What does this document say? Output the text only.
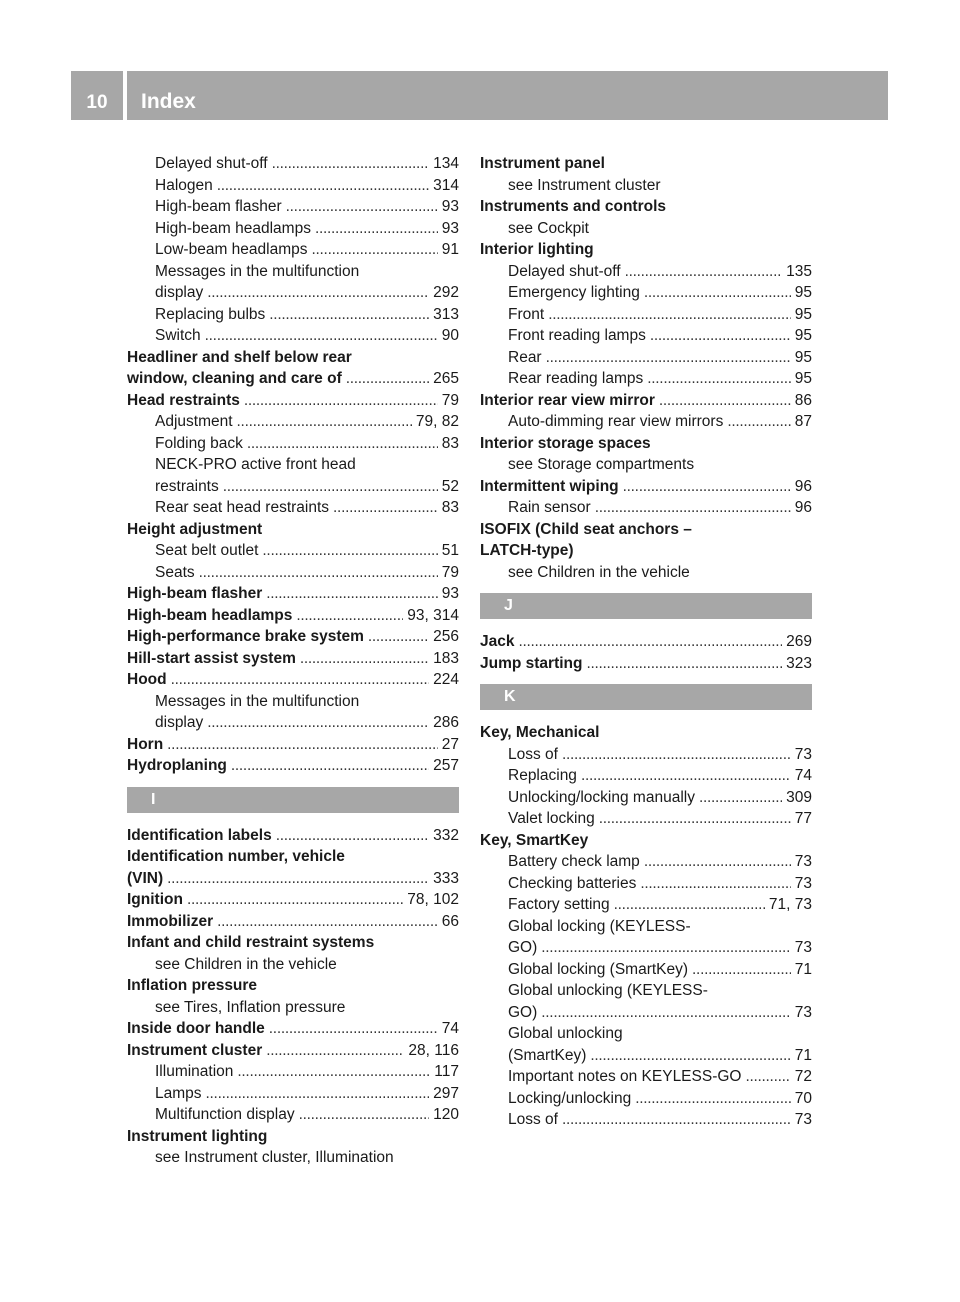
10	Index
Delayed shut-off . . .	134
Halogen . . .	314
High-beam flasher . . .	93
High-beam headlamps . . .	93
Low-beam headlamps . . .	91
Messages in the multifunction
display . . .	292
Replacing bulbs . . .	313
Switch . . .	90
Headliner and shelf below rear
window, cleaning and care of . . .	265
Head restraints . . .	79
Adjustment . . .	79, 82
Folding back . . .	83
NECK-PRO active front head
restraints . . .	52
Rear seat head restraints . . .	83
Height adjustment
Seat belt outlet . . .	51
Seats . . .	79
High-beam flasher . . .	93
High-beam headlamps . . .	93, 314
High-performance brake system . . .	256
Hill-start assist system . . .	183
Hood . . .	224
Messages in the multifunction
display . . .	286
Horn . . .	27
Hydroplaning . . .	257
I
Identification labels . . .	332
Identification number, vehicle
(VIN) . . .	333
Ignition . . .	78, 102
Immobilizer . . .	66
Infant and child restraint systems
see Children in the vehicle
Inflation pressure
see Tires, Inflation pressure
Inside door handle . . .	74
Instrument cluster . . .	28, 116
Illumination . . .	117
Lamps . . .	297
Multifunction display . . .	120
Instrument lighting
see Instrument cluster, Illumination
Instrument panel
see Instrument cluster
Instruments and controls
see Cockpit
Interior lighting
Delayed shut-off . . .	135
Emergency lighting . . .	95
Front . . .	95
Front reading lamps . . .	95
Rear . . .	95
Rear reading lamps . . .	95
Interior rear view mirror . . .	86
Auto-dimming rear view mirrors . . .	87
Interior storage spaces
see Storage compartments
Intermittent wiping . . .	96
Rain sensor . . .	96
ISOFIX (Child seat anchors –
LATCH-type)
see Children in the vehicle
J
Jack . . .	269
Jump starting . . .	323
K
Key, Mechanical
Loss of . . .	73
Replacing . . .	74
Unlocking/locking manually . . .	309
Valet locking . . .	77
Key, SmartKey
Battery check lamp . . .	73
Checking batteries . . .	73
Factory setting . . .	71, 73
Global locking (KEYLESS-
GO) . . .	73
Global locking (SmartKey) . . .	71
Global unlocking (KEYLESS-
GO) . . .	73
Global unlocking
(SmartKey) . . .	71
Important notes on KEYLESS-GO . . .	72
Locking/unlocking . . .	70
Loss of . . .	73
